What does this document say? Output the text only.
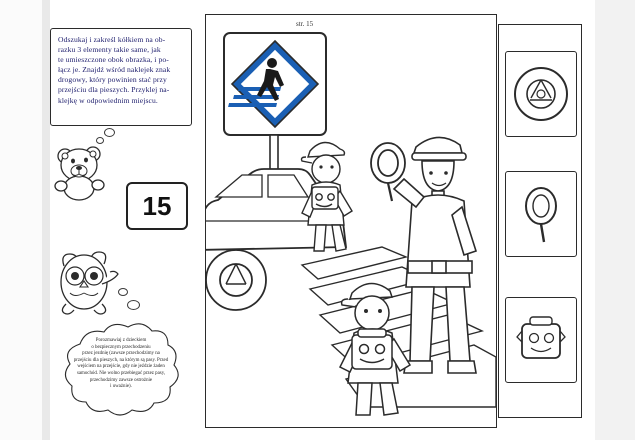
Odszukaj i zakreśl kółkiem na ob-
razku 3 elementy takie same, jak
te umieszczone obok obrazka, i po-
łącz je. Znajdź wśród naklejek znak
drogowy, który powinien stać przy
przejściu dla pieszych. Przyklej na-
klejkę w odpowiednim miejscu.
15
Porozmawiaj z dzieckiem
o bezpiecznym przechodzeniu
przez jezdnię (zawsze przechodzimy na
przejściu dla pieszych, na którym są pasy. Przed
wejściem na przejście, gdy nie jeździe żaden
samochód. Nie wolno przebiegać przez pasy,
przechodzimy zawsze ostrożnie
i uważnie).
str. 15
